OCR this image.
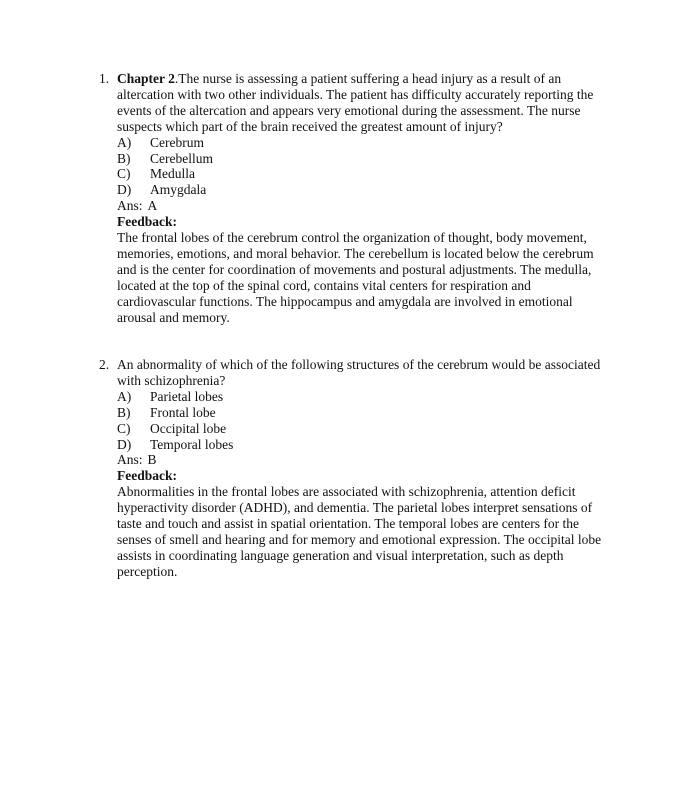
1. Chapter 2.The nurse is assessing a patient suffering a head injury as a result of an altercation with two other individuals. The patient has difficulty accurately reporting the events of the altercation and appears very emotional during the assessment. The nurse suspects which part of the brain received the greatest amount of injury?

A) Cerebrum
B) Cerebellum
C) Medulla
D) Amygdala

Ans: A

Feedback:

The frontal lobes of the cerebrum control the organization of thought, body movement, memories, emotions, and moral behavior. The cerebellum is located below the cerebrum and is the center for coordination of movements and postural adjustments. The medulla, located at the top of the spinal cord, contains vital centers for respiration and cardiovascular functions. The hippocampus and amygdala are involved in emotional arousal and memory.

2. An abnormality of which of the following structures of the cerebrum would be associated with schizophrenia?

A) Parietal lobes
B) Frontal lobe
C) Occipital lobe
D) Temporal lobes

Ans: B

Feedback:

Abnormalities in the frontal lobes are associated with schizophrenia, attention deficit hyperactivity disorder (ADHD), and dementia. The parietal lobes interpret sensations of taste and touch and assist in spatial orientation. The temporal lobes are centers for the senses of smell and hearing and for memory and emotional expression. The occipital lobe assists in coordinating language generation and visual interpretation, such as depth perception.
